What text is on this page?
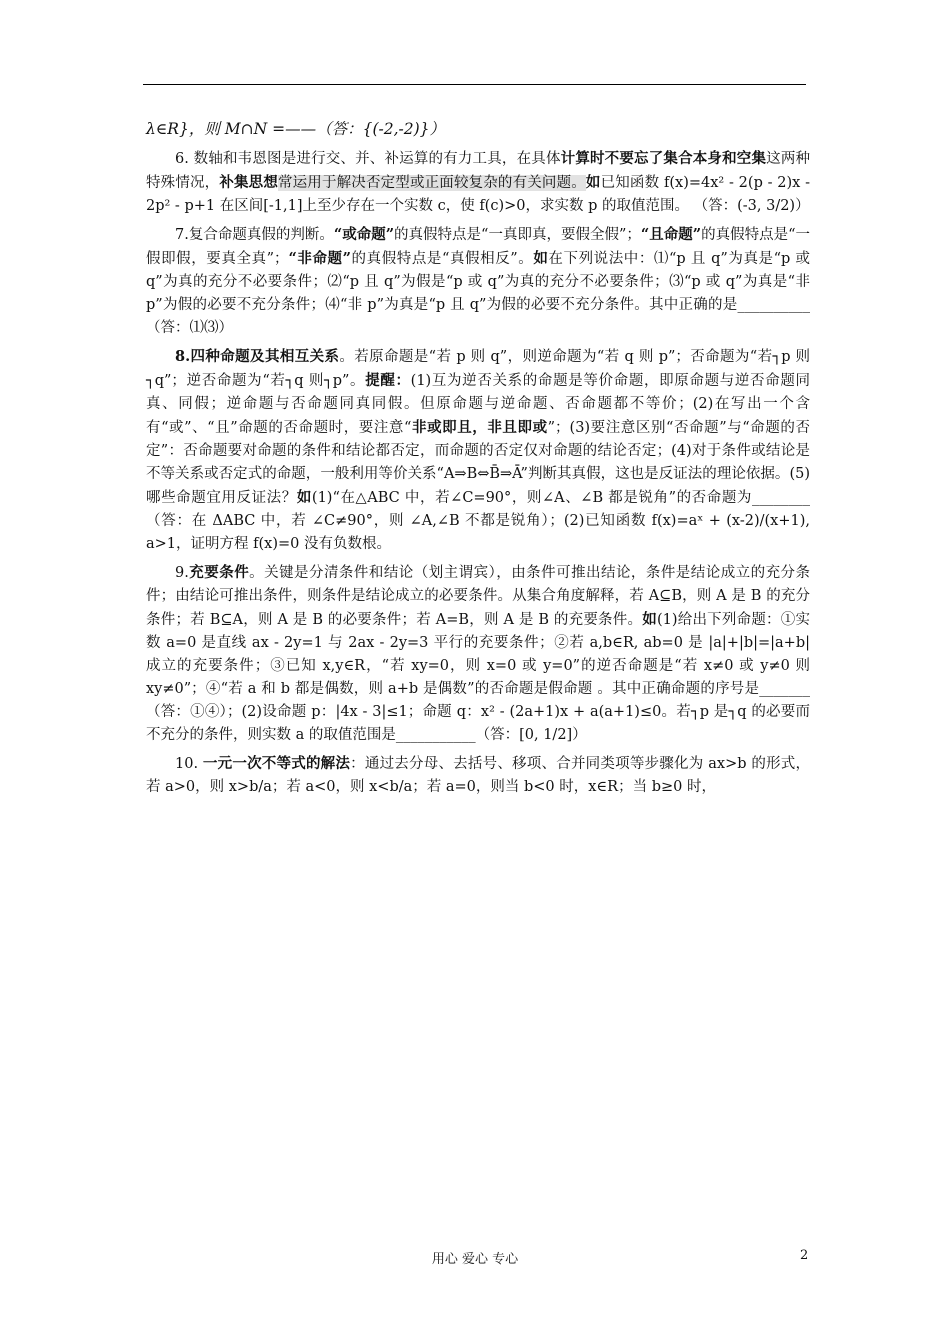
λ∈R}，则 M∩N =——（答：{(-2,-2)}）

6. 数轴和韦恩图是进行交、并、补运算的有力工具，在具体计算时不要忘了集合本身和空集这两种特殊情况，补集思想常运用于解决否定型或正面较复杂的有关问题。如已知函数 f(x)=4x² - 2(p - 2)x - 2p² - p+1 在区间[-1,1]上至少存在一个实数 c，使 f(c)>0，求实数 p 的取值范围。 （答：(-3, 3/2)）

7.复合命题真假的判断。“或命题”的真假特点是“一真即真，要假全假”；“且命题”的真假特点是“一假即假，要真全真”；“非命题”的真假特点是“真假相反”。如在下列说法中：⑴“p 且 q”为真是“p 或 q”为真的充分不必要条件；⑵“p 且 q”为假是“p 或 q”为真的充分不必要条件；⑶“p 或 q”为真是“非 p”为假的必要不充分条件；⑷“非 p”为真是“p 且 q”为假的必要不充分条件。其中正确的是__________（答：⑴⑶）

8.四种命题及其相互关系。若原命题是“若 p 则 q”，则逆命题为“若 q 则 p”；否命题为“若┐p 则┐q”；逆否命题为“若┐q 则┐p”。提醒：(1)互为逆否关系的命题是等价命题，即原命题与逆否命题同真、同假；逆命题与否命题同真同假。但原命题与逆命题、否命题都不等价；(2)在写出一个含有“或”、“且”命题的否命题时，要注意“非或即且，非且即或”；(3)要注意区别“否命题”与“命题的否定”：否命题要对命题的条件和结论都否定，而命题的否定仅对命题的结论否定；(4)对于条件或结论是不等关系或否定式的命题，一般利用等价关系“A⇒B⇔B̄⇒Ā”判断其真假，这也是反证法的理论依据。(5)哪些命题宜用反证法？如(1)“在△ABC 中，若∠C=90°，则∠A、∠B 都是锐角”的否命题为________（答：在 ΔABC 中，若 ∠C≠90°，则 ∠A,∠B 不都是锐角）；(2)已知函数 f(x)=aˣ + (x-2)/(x+1), a>1，证明方程 f(x)=0 没有负数根。

9.充要条件。关键是分清条件和结论（划主谓宾），由条件可推出结论，条件是结论成立的充分条件；由结论可推出条件，则条件是结论成立的必要条件。从集合角度解释，若 A⊆B，则 A 是 B 的充分条件；若 B⊆A，则 A 是 B 的必要条件；若 A=B，则 A 是 B 的充要条件。如(1)给出下列命题：①实数 a=0 是直线 ax - 2y=1 与 2ax - 2y=3 平行的充要条件；②若 a,b∈R, ab=0 是 |a|+|b|=|a+b| 成立的充要条件；③已知 x,y∈R，“若 xy=0，则 x=0 或 y=0”的逆否命题是“若 x≠0 或 y≠0 则 xy≠0”；④“若 a 和 b 都是偶数，则 a+b 是偶数”的否命题是假命题 。其中正确命题的序号是_______（答：①④）；(2)设命题 p：|4x - 3|≤1；命题 q：x² - (2a+1)x + a(a+1)≤0。若┐p 是┐q 的必要而不充分的条件，则实数 a 的取值范围是___________（答：[0, 1/2]）

10. 一元一次不等式的解法：通过去分母、去括号、移项、合并同类项等步骤化为 ax>b 的形式，若 a>0，则 x>b/a；若 a<0，则 x<b/a；若 a=0，则当 b<0 时，x∈R；当 b≥0 时，

用心 爱心 专心	2
